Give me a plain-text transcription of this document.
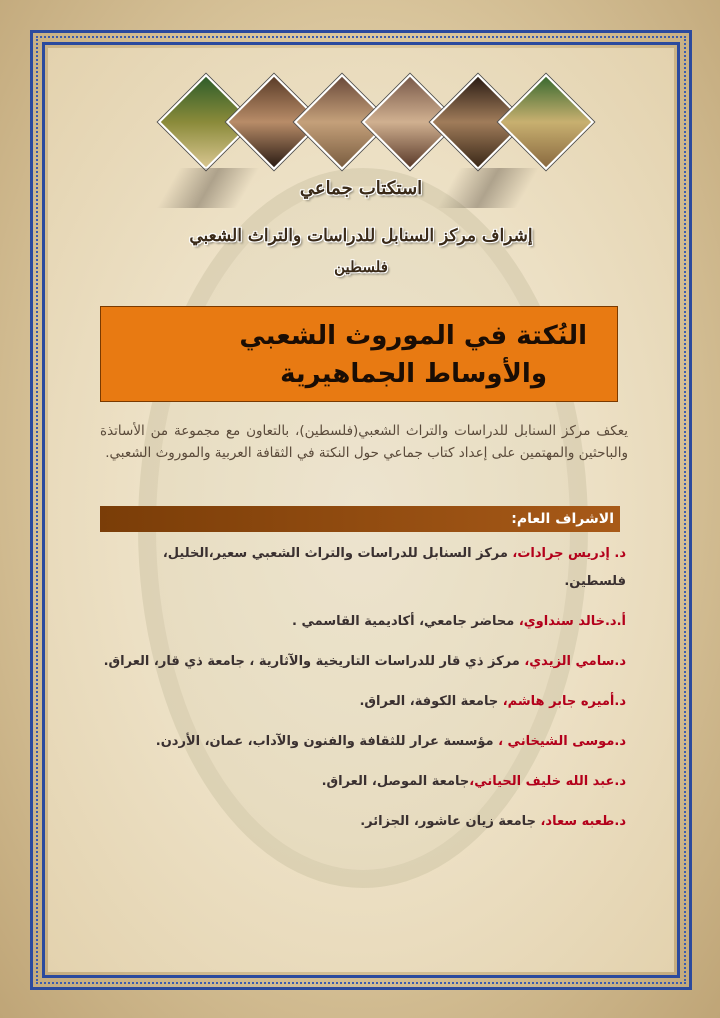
استكتاب جماعي
إشراف مركز السنابل للدراسات والتراث الشعبي
فلسطين
النُكتة في الموروث الشعبي
والأوساط الجماهيرية
يعكف مركز السنابل للدراسات والتراث الشعبي(فلسطين)، بالتعاون مع مجموعة من الأساتذة والباحثين والمهتمين على إعداد كتاب جماعي حول النكتة في الثقافة العربية والموروث الشعبي.
الاشراف العام:
د. إدريس جرادات، مركز السنابل للدراسات والتراث الشعبي سعير،الخليل، فلسطين.
أ.د.خالد سنداوي، محاضر جامعي، أكاديمية القاسمي .
د.سامي الزيدي، مركز ذي قار للدراسات التاريخية والآثارية ، جامعة ذي قار، العراق.
د.أميره جابر هاشم، جامعة الكوفة، العراق.
د.موسى الشيخاني ، مؤسسة عرار للثقافة والفنون والآداب، عمان، الأردن.
د.عبد الله خليف الحياني،جامعة الموصل، العراق.
د.طعبه سعاد، جامعة زيان عاشور، الجزائر.
